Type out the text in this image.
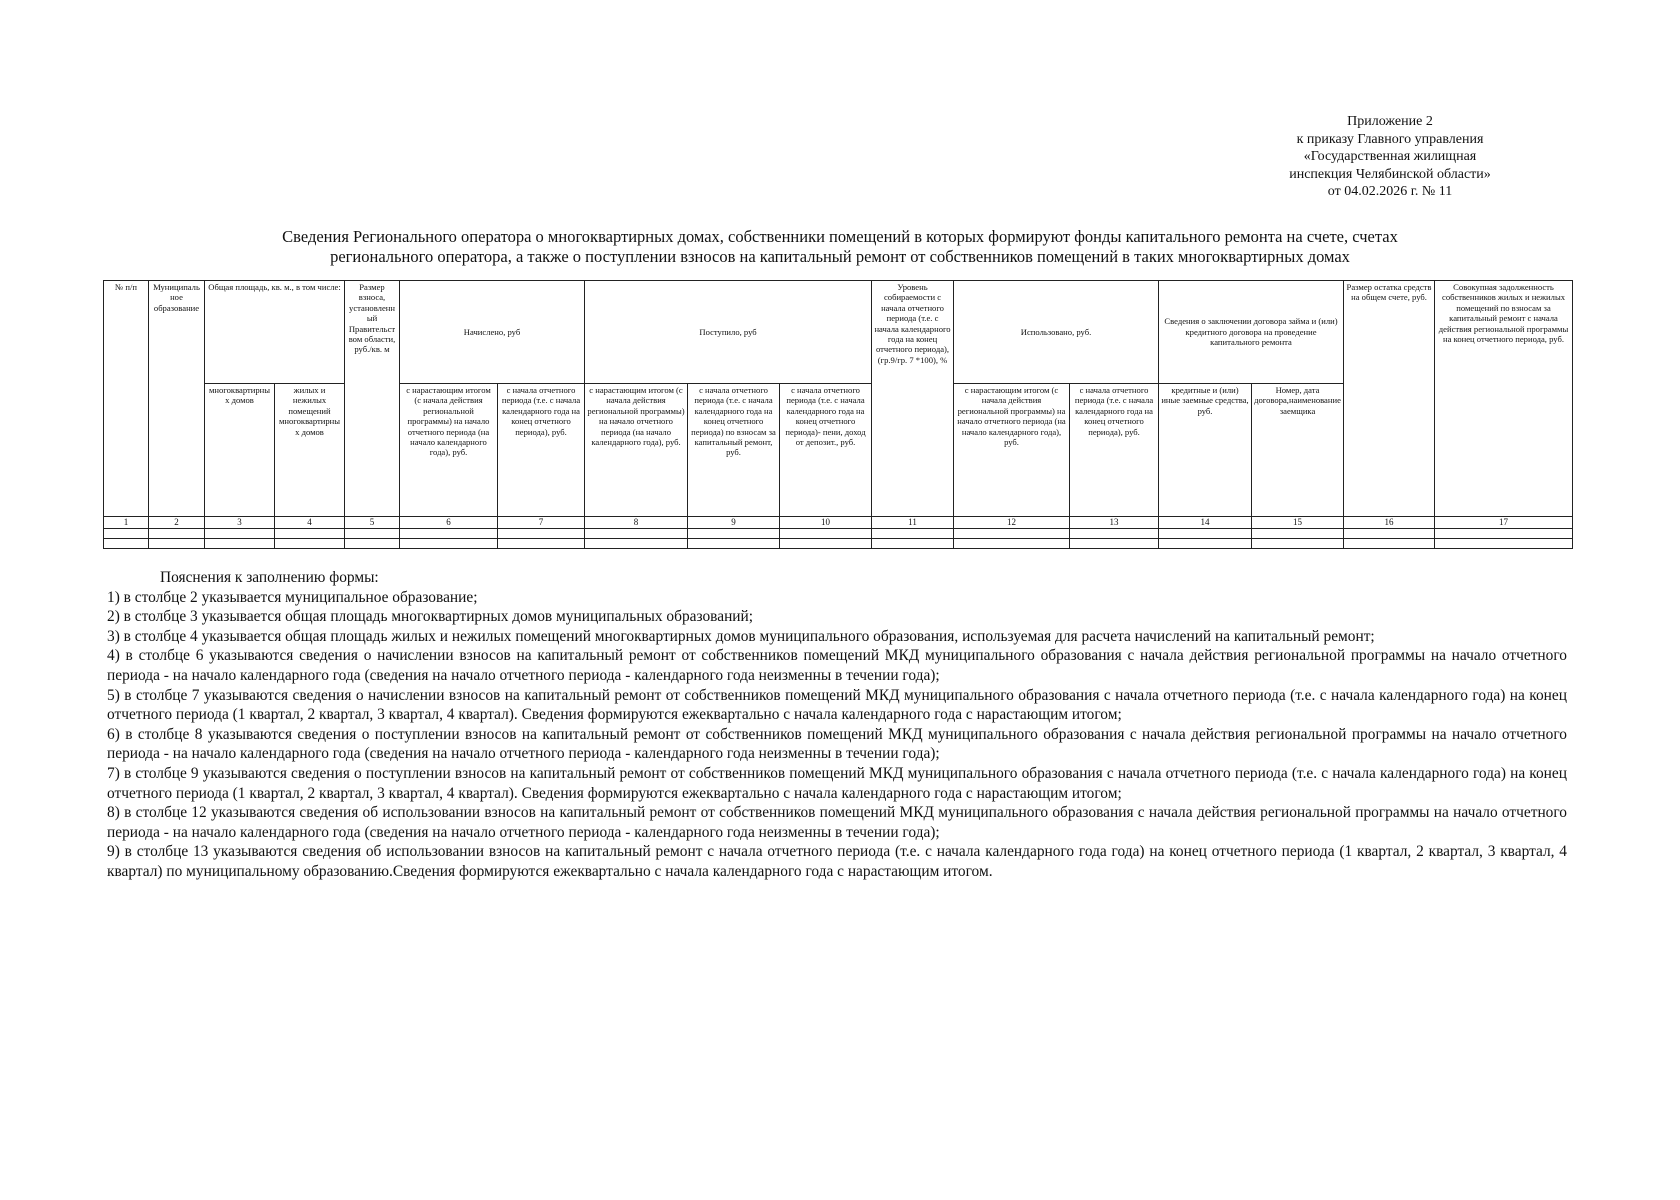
Приложение 2
к приказу Главного управления
«Государственная жилищная
инспекция Челябинской области»
от 04.02.2026 г. № 11
Сведения Регионального оператора о многоквартирных домах, собственники помещений в которых формируют фонды капитального ремонта на счете, счетах
регионального оператора, а также о поступлении взносов на капитальный ремонт от собственников помещений в таких многоквартирных домах
№ п/п	Муниципальное образование	Общая площадь, кв. м., в том числе:		Размер взноса, установленный Правительством области, руб./кв. м	Начислено, руб		Поступило, руб			Уровень собираемости с начала отчетного периода (т.е. с начала календарного года на конец отчетного периода),(гр.9/гр. 7 *100), %	Использовано, руб.		Сведения о заключении договора займа и (или) кредитного договора на проведение капитального ремонта		Размер остатка средств на общем счете, руб.	Совокупная задолженность собственников жилых и нежилых помещений по взносам за капитальный ремонт с начала действия региональной программы на конец отчетного периода, руб.
		многоквартирных домов	жилых и нежилых помещений многоквартирных домов		с нарастающим итогом (с начала действия региональной программы) на начало отчетного периода (на начало календарного года), руб.	с начала отчетного периода (т.е. с начала календарного года на конец отчетного периода), руб.	с нарастающим итогом (с начала действия региональной программы) на начало отчетного периода (на начало календарного года), руб.	с начала отчетного периода (т.е. с начала календарного года на конец отчетного периода) по взносам за капитальный ремонт, руб.	с начала отчетного периода (т.е. с начала календарного года на конец отчетного периода)- пени, доход от депозит., руб.		с нарастающим итогом (с начала действия региональной программы) на начало отчетного периода (на начало календарного года), руб.	с начала отчетного периода (т.е. с начала календарного года на конец отчетного периода), руб.	кредитные и (или) иные заемные средства, руб.	Номер, дата договора,наименование заемщика		
1	2	3	4	5	6	7	8	9	10	11	12	13	14	15	16	17

Пояснения к заполнению формы:
1) в столбце 2 указывается муниципальное образование;
2) в столбце 3 указывается общая площадь многоквартирных домов муниципальных образований;
3) в столбце 4 указывается общая площадь жилых и нежилых помещений многоквартирных домов муниципального образования, используемая для расчета начислений на капитальный ремонт;
4) в столбце 6 указываются сведения о начислении взносов на капитальный ремонт от собственников помещений МКД муниципального образования с начала действия региональной программы на начало отчетного периода - на начало календарного года (сведения на начало отчетного периода - календарного года неизменны в течении года);
5) в столбце 7 указываются сведения о начислении взносов на капитальный ремонт от собственников помещений МКД муниципального образования с начала отчетного периода (т.е. с начала календарного года) на конец отчетного периода (1 квартал, 2 квартал, 3 квартал, 4 квартал). Сведения формируются ежеквартально с начала календарного года с нарастающим итогом;
6) в столбце 8 указываются сведения о поступлении взносов на капитальный ремонт от собственников помещений МКД муниципального образования с начала действия региональной программы на начало отчетного периода - на начало календарного года (сведения на начало отчетного периода - календарного года неизменны в течении года);
7) в столбце 9 указываются сведения о поступлении взносов на капитальный ремонт от собственников помещений МКД муниципального образования с начала отчетного периода (т.е. с начала календарного года) на конец отчетного периода (1 квартал, 2 квартал, 3 квартал, 4 квартал). Сведения формируются ежеквартально с начала календарного года с нарастающим итогом;
8) в столбце 12 указываются сведения об использовании взносов на капитальный ремонт от собственников помещений МКД муниципального образования с начала действия региональной программы на начало отчетного периода - на начало календарного года (сведения на начало отчетного периода - календарного года неизменны в течении года);
9) в столбце 13 указываются сведения об использовании взносов на капитальный ремонт с начала отчетного периода (т.е. с начала календарного года года) на конец отчетного периода (1 квартал, 2 квартал, 3 квартал, 4 квартал) по муниципальному образованию.Сведения формируются ежеквартально с начала календарного года с нарастающим итогом.
